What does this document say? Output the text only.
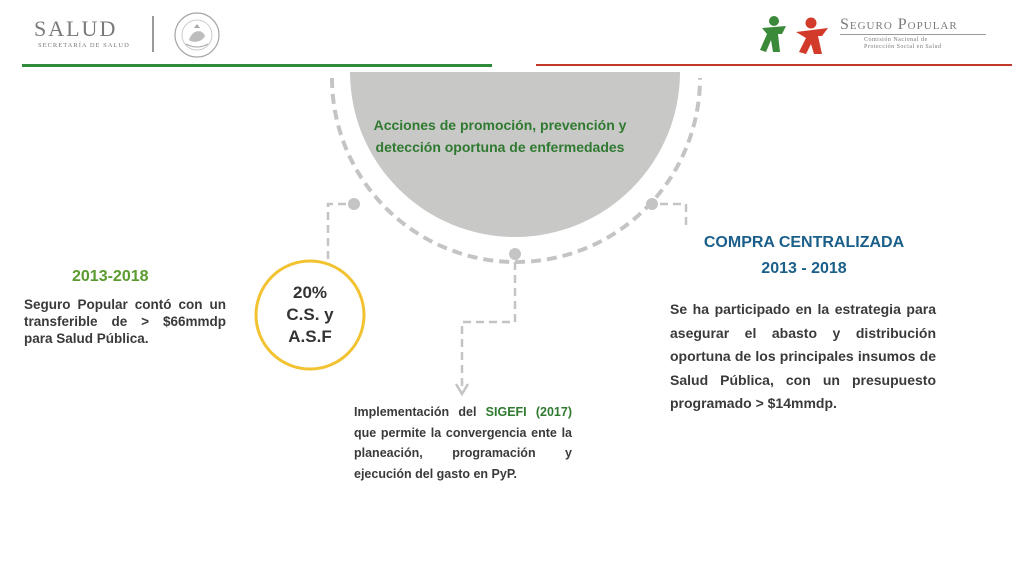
SALUD
SECRETARÍA DE SALUD
Seguro Popular
Comisión Nacional de
Protección Social en Salud
Acciones de promoción, prevención y
detección oportuna de enfermedades
20%
C.S. y
A.S.F
2013-2018
Seguro Popular contó con un transferible de > $66mmdp para Salud Pública.
Implementación del SIGEFI (2017) que permite la convergencia ente la planeación, programación y ejecución del gasto en PyP.
COMPRA CENTRALIZADA
2013 - 2018
Se ha participado en la estrategia para asegurar el abasto y distribución oportuna de los principales insumos de Salud Pública, con un presupuesto programado > $14mmdp.
